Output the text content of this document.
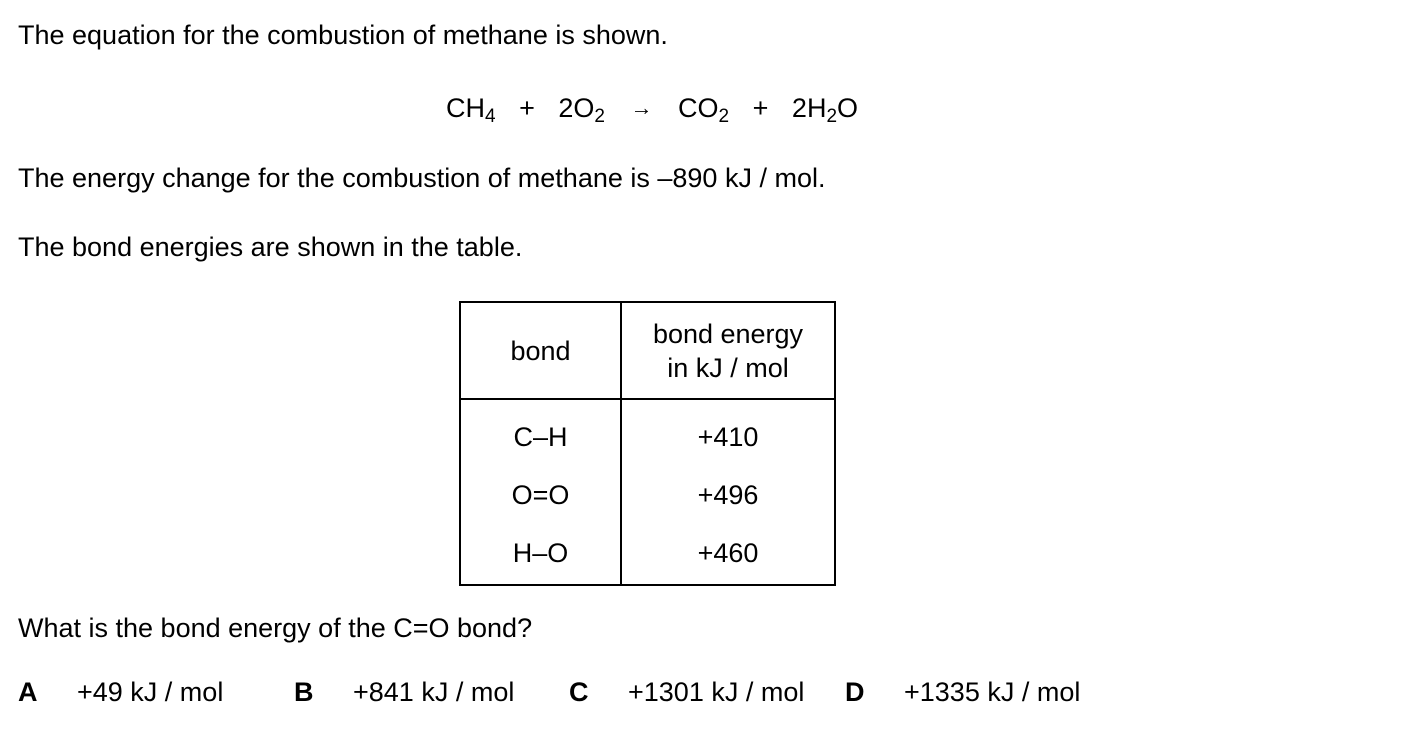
The equation for the combustion of methane is shown.
$CH_4 + 2O_2 \to CO_2 + 2H_2O$
The energy change for the combustion of methane is –890 kJ / mol.
The bond energies are shown in the table.
bond	bond energy
in kJ / mol
C–H	+410
O=O	+496
H–O	+460
What is the bond energy of the C=O bond?
A +49 kJ / mol	B +841 kJ / mol C +1301 kJ / mol D +1335 kJ / mol
